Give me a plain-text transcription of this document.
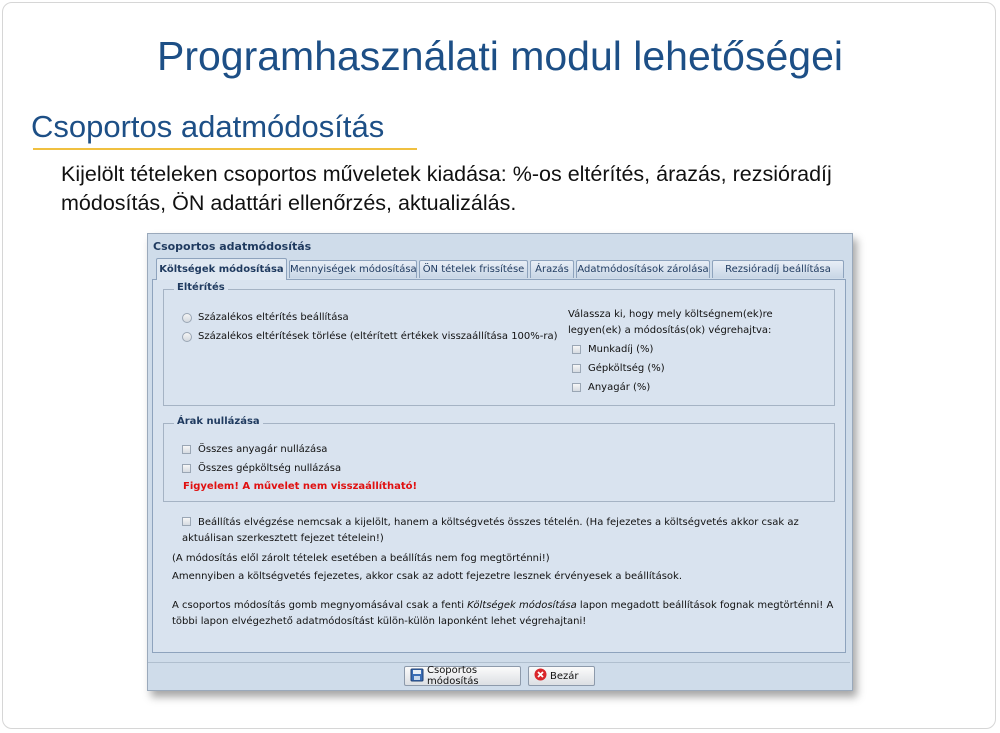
Programhasználati modul lehetőségei
Csoportos adatmódosítás
Kijelölt tételeken csoportos műveletek kiadása: %-os eltérítés, árazás, rezsióradíj módosítás, ÖN adattári ellenőrzés, aktualizálás.
Csoportos adatmódosítás
Költségek módosítása Mennyiségek módosítása ÖN tételek frissítése	Árazás Adatmódosítások zárolása	Rezsióradíj beállítása
Eltérítés
Százalékos eltérítés beállítása
Százalékos eltérítések törlése (eltérített értékek visszaállítása 100%-ra)
Válassza ki, hogy mely költségnem(ek)re legyen(ek) a módosítás(ok) végrehajtva:
Munkadíj (%)
Gépköltség (%)
Anyagár (%)
Árak nullázása
Összes anyagár nullázása
Összes gépköltség nullázása
Figyelem! A művelet nem visszaállítható!
Beállítás elvégzése nemcsak a kijelölt, hanem a költségvetés összes tételén. (Ha fejezetes a költségvetés akkor csak az aktuálisan szerkesztett fejezet tételein!)
(A módosítás elől zárolt tételek esetében a beállítás nem fog megtörténni!)
Amennyiben a költségvetés fejezetes, akkor csak az adott fejezetre lesznek érvényesek a beállítások.
A csoportos módosítás gomb megnyomásával csak a fenti Költségek módosítása lapon megadott beállítások fognak megtörténni! A többi lapon elvégezhető adatmódosítást külön-külön laponként lehet végrehajtani!
Csoportos módosítás	Bezár
